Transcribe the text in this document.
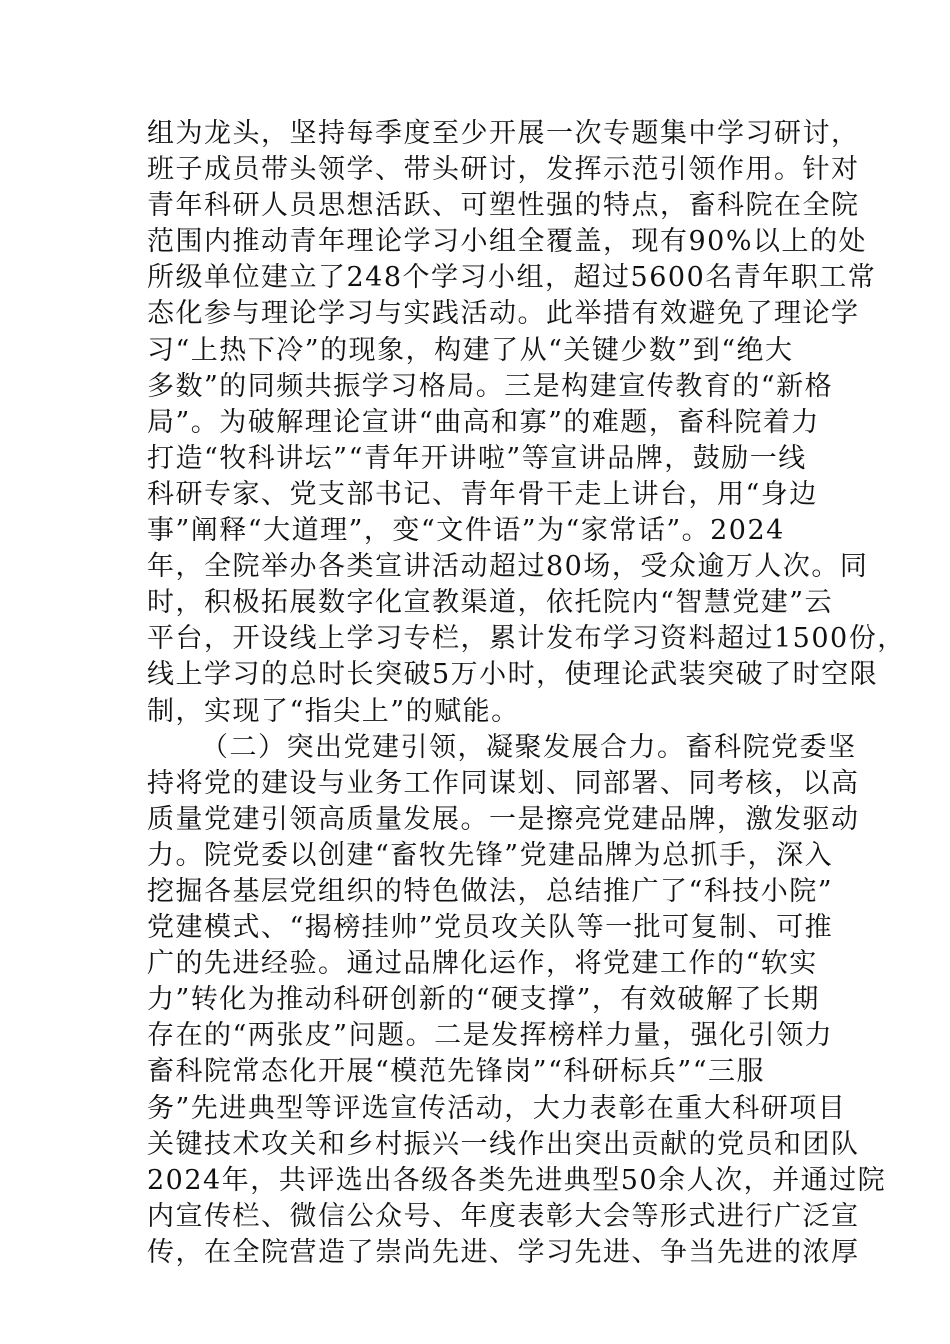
组为龙头，坚持每季度至少开展一次专题集中学习研讨，
班子成员带头领学、带头研讨，发挥示范引领作用。针对
青年科研人员思想活跃、可塑性强的特点，畜科院在全院
范围内推动青年理论学习小组全覆盖，现有90%以上的处
所级单位建立了248个学习小组，超过5600名青年职工常
态化参与理论学习与实践活动。此举措有效避免了理论学
习“上热下冷”的现象，构建了从“关键少数”到“绝大
多数”的同频共振学习格局。三是构建宣传教育的“新格
局”。为破解理论宣讲“曲高和寡”的难题，畜科院着力
打造“牧科讲坛”“青年开讲啦”等宣讲品牌，鼓励一线
科研专家、党支部书记、青年骨干走上讲台，用“身边
事”阐释“大道理”，变“文件语”为“家常话”。2024
年，全院举办各类宣讲活动超过80场，受众逾万人次。同
时，积极拓展数字化宣教渠道，依托院内“智慧党建”云
平台，开设线上学习专栏，累计发布学习资料超过1500份，
线上学习的总时长突破5万小时，使理论武装突破了时空限
制，实现了“指尖上”的赋能。
（二）突出党建引领，凝聚发展合力。畜科院党委坚
持将党的建设与业务工作同谋划、同部署、同考核，以高
质量党建引领高质量发展。一是擦亮党建品牌，激发驱动
力。院党委以创建“畜牧先锋”党建品牌为总抓手，深入
挖掘各基层党组织的特色做法，总结推广了“科技小院”
党建模式、“揭榜挂帅”党员攻关队等一批可复制、可推
广的先进经验。通过品牌化运作，将党建工作的“软实
力”转化为推动科研创新的“硬支撑”，有效破解了长期
存在的“两张皮”问题。二是发挥榜样力量，强化引领力
畜科院常态化开展“模范先锋岗”“科研标兵”“三服
务”先进典型等评选宣传活动，大力表彰在重大科研项目
关键技术攻关和乡村振兴一线作出突出贡献的党员和团队
2024年，共评选出各级各类先进典型50余人次，并通过院
内宣传栏、微信公众号、年度表彰大会等形式进行广泛宣
传，在全院营造了崇尚先进、学习先进、争当先进的浓厚
